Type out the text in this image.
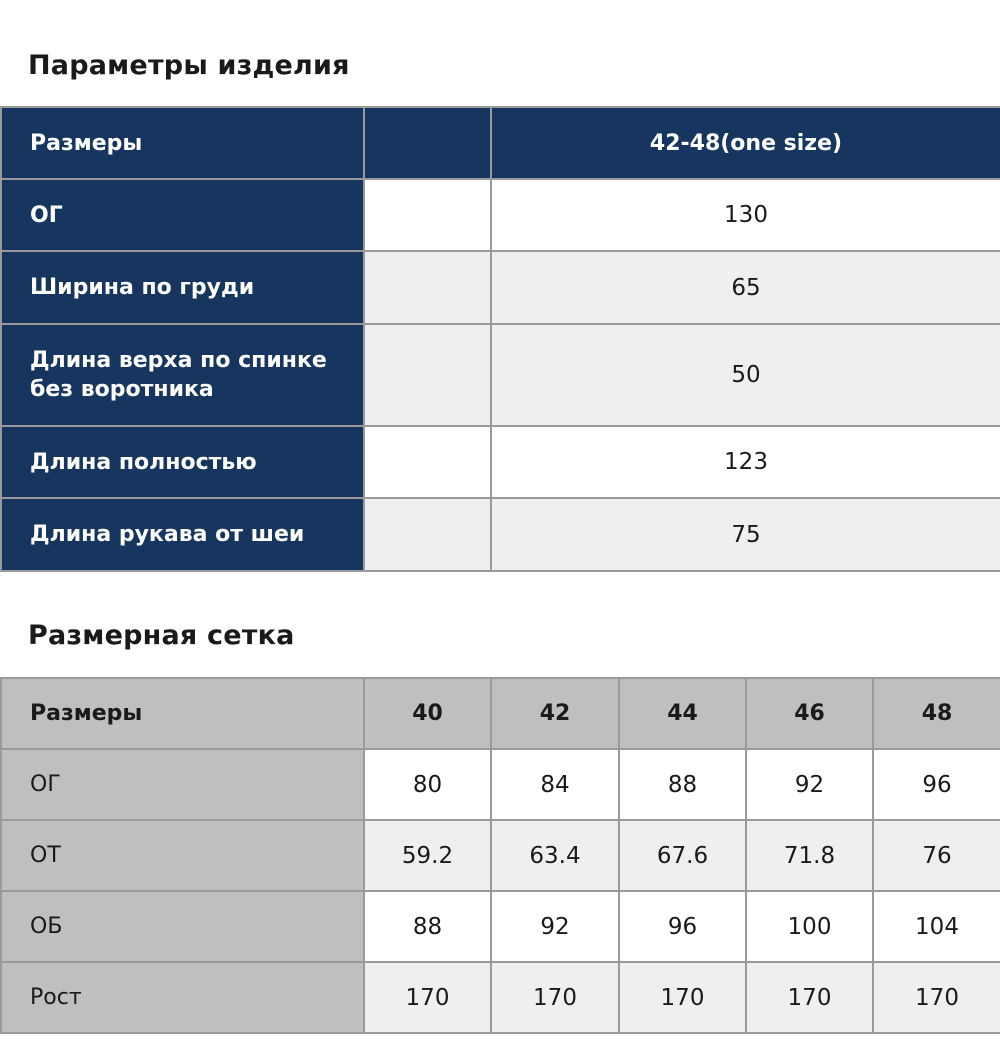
Параметры изделия
Размеры		42-48(one size)
ОГ		130
Ширина по груди		65
Длина верха по спинке без воротника		50
Длина полностью		123
Длина рукава от шеи		75
Размерная сетка
Размеры	40	42	44	46	48
ОГ	80	84	88	92	96
ОТ	59.2	63.4	67.6	71.8	76
ОБ	88	92	96	100	104
Рост	170	170	170	170	170
